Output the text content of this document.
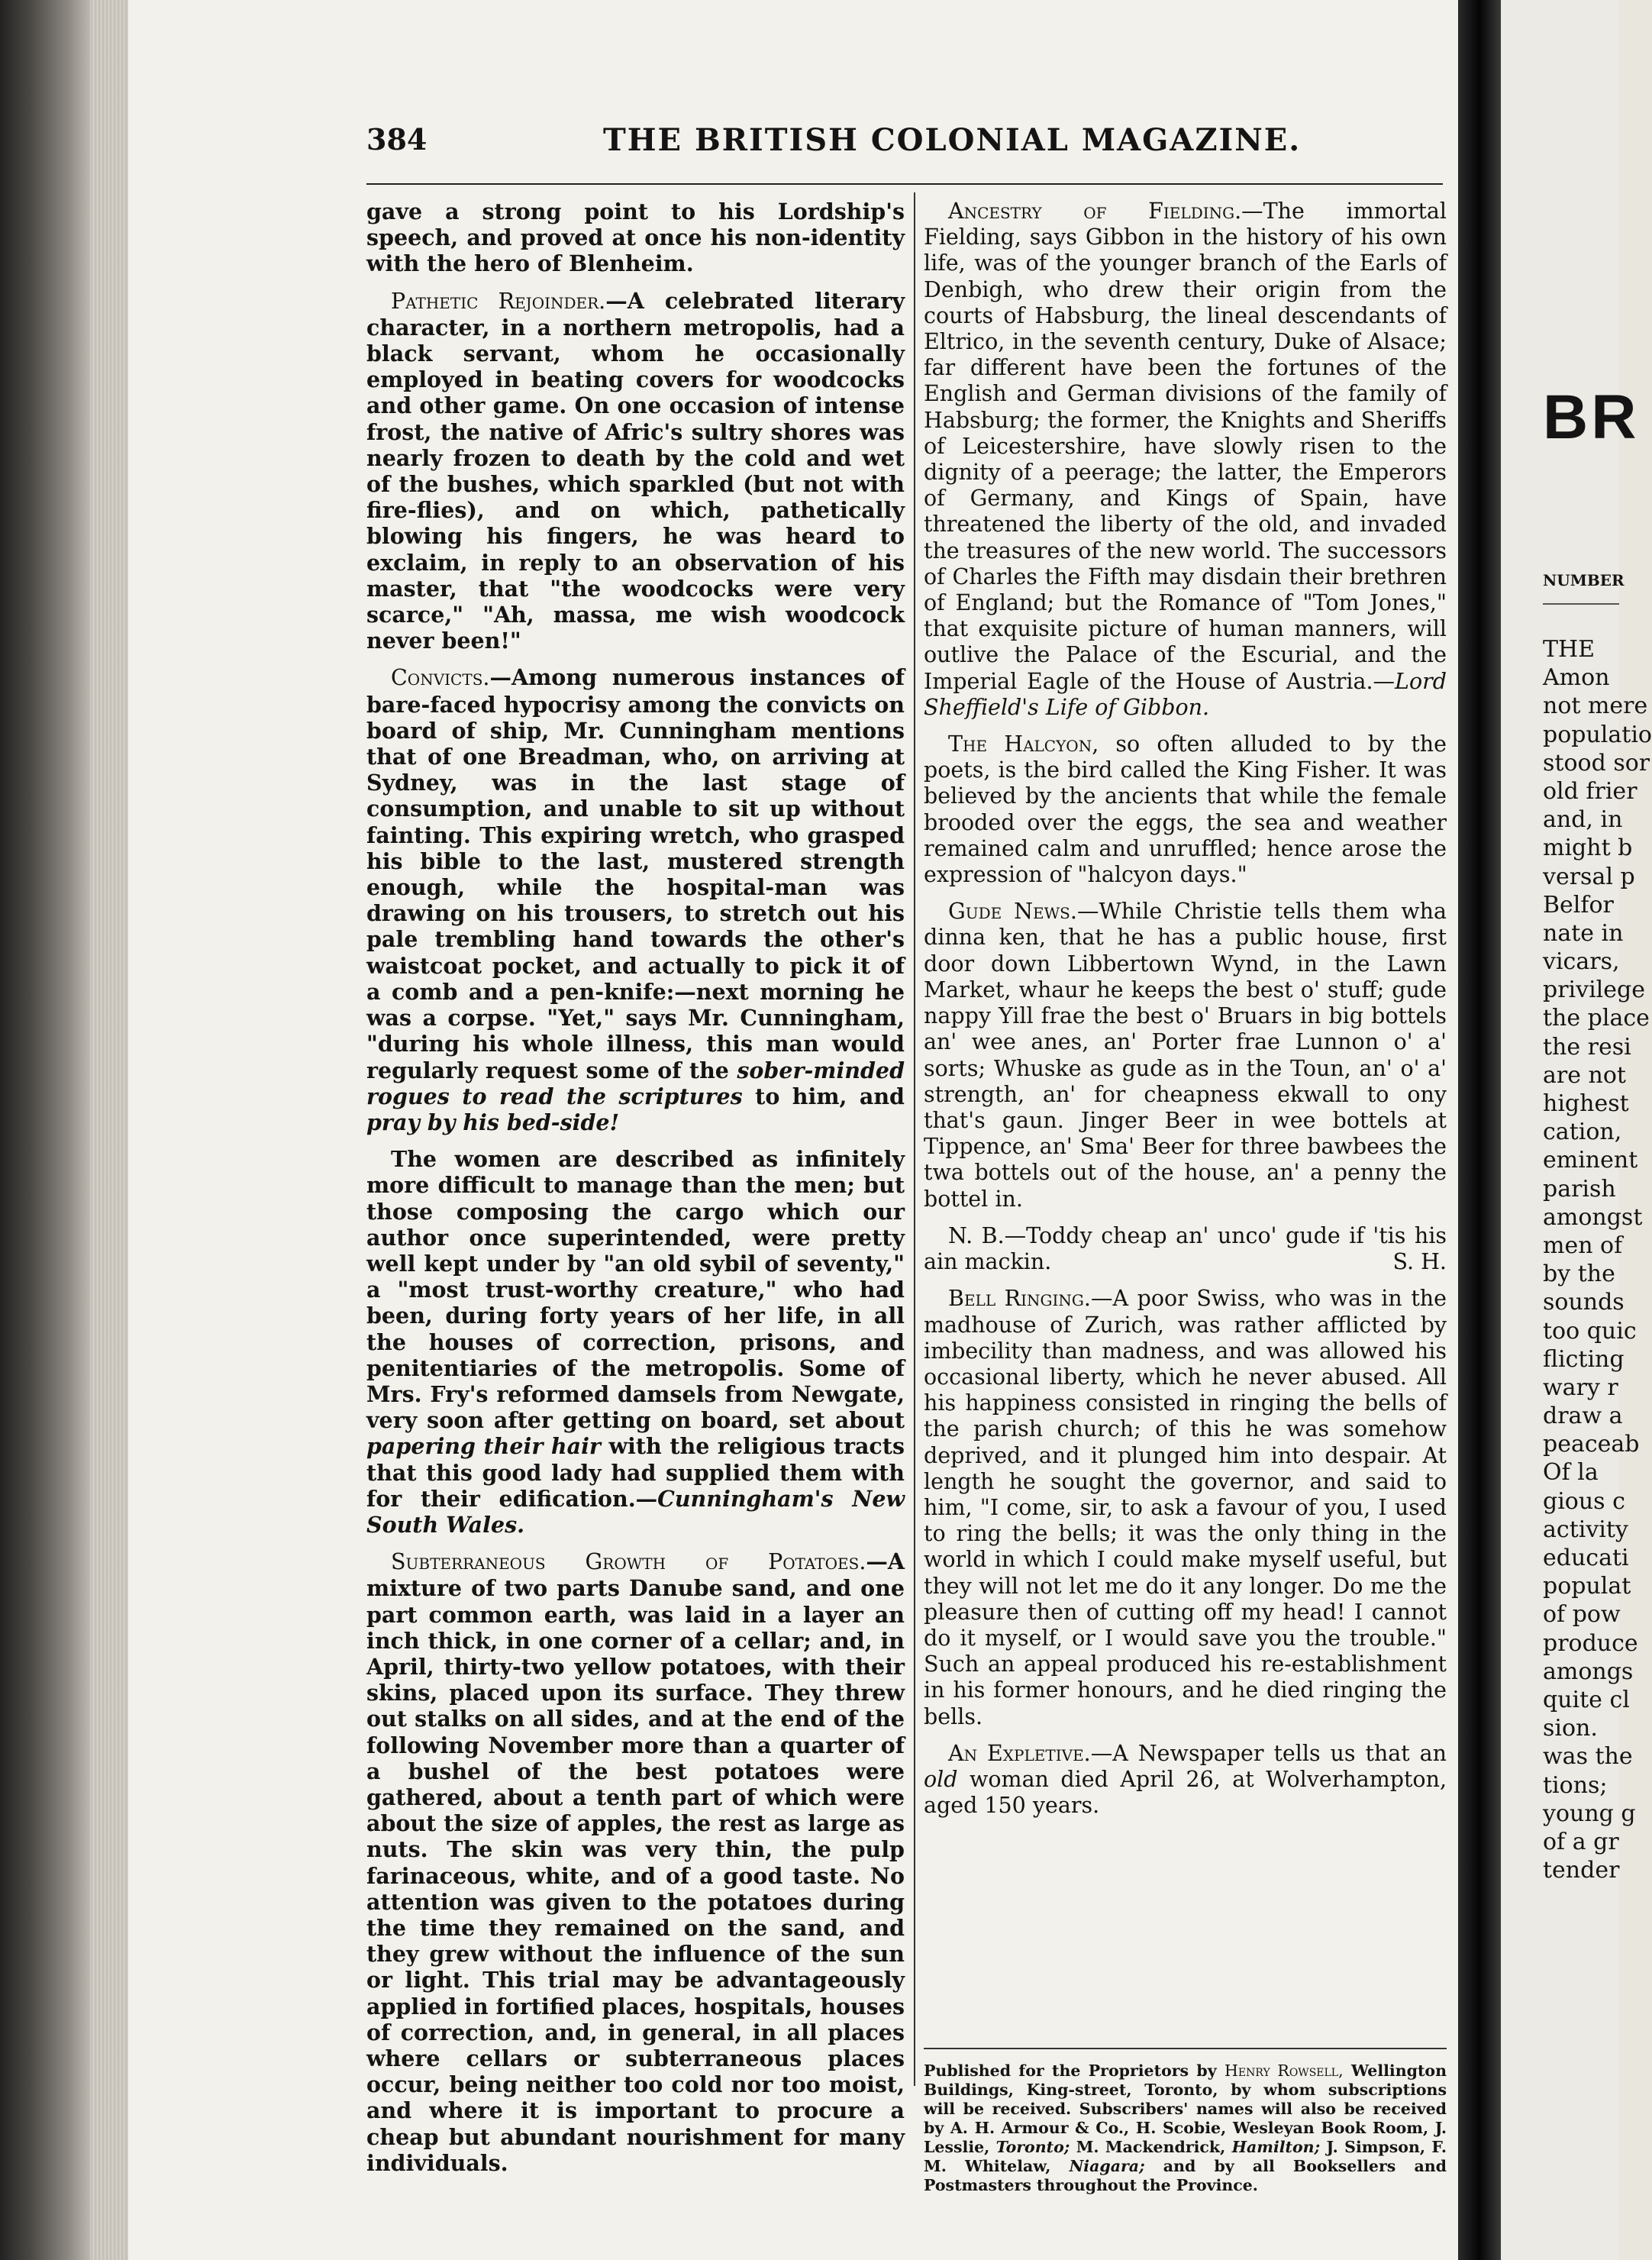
384	THE BRITISH COLONIAL MAGAZINE.

gave a strong point to his Lordship's speech, and proved at once his non-identity with the hero of Blenheim.

Pathetic Rejoinder.—A celebrated literary character, in a northern metropolis, had a black servant, whom he occasionally employed in beating covers for woodcocks and other game. On one occasion of intense frost, the native of Afric's sultry shores was nearly frozen to death by the cold and wet of the bushes, which sparkled (but not with fire-flies), and on which, pathetically blowing his fingers, he was heard to exclaim, in reply to an observation of his master, that "the woodcocks were very scarce," "Ah, massa, me wish woodcock never been!"

Convicts.—Among numerous instances of bare-faced hypocrisy among the convicts on board of ship, Mr. Cunningham mentions that of one Breadman, who, on arriving at Sydney, was in the last stage of consumption, and unable to sit up without fainting. This expiring wretch, who grasped his bible to the last, mustered strength enough, while the hospital-man was drawing on his trousers, to stretch out his pale trembling hand towards the other's waistcoat pocket, and actually to pick it of a comb and a pen-knife:—next morning he was a corpse. "Yet," says Mr. Cunningham, "during his whole illness, this man would regularly request some of the sober-minded rogues to read the scriptures to him, and pray by his bed-side!

The women are described as infinitely more difficult to manage than the men; but those composing the cargo which our author once superintended, were pretty well kept under by "an old sybil of seventy," a "most trust-worthy creature," who had been, during forty years of her life, in all the houses of correction, prisons, and penitentiaries of the metropolis. Some of Mrs. Fry's reformed damsels from Newgate, very soon after getting on board, set about papering their hair with the religious tracts that this good lady had supplied them with for their edification.—Cunningham's New South Wales.

Subterraneous Growth of Potatoes.—A mixture of two parts Danube sand, and one part common earth, was laid in a layer an inch thick, in one corner of a cellar; and, in April, thirty-two yellow potatoes, with their skins, placed upon its surface. They threw out stalks on all sides, and at the end of the following November more than a quarter of a bushel of the best potatoes were gathered, about a tenth part of which were about the size of apples, the rest as large as nuts. The skin was very thin, the pulp farinaceous, white, and of a good taste. No attention was given to the potatoes during the time they remained on the sand, and they grew without the influence of the sun or light. This trial may be advantageously applied in fortified places, hospitals, houses of correction, and, in general, in all places where cellars or subterraneous places occur, being neither too cold nor too moist, and where it is important to procure a cheap but abundant nourishment for many individuals.

Ancestry of Fielding.—The immortal Fielding, says Gibbon in the history of his own life, was of the younger branch of the Earls of Denbigh, who drew their origin from the courts of Habsburg, the lineal descendants of Eltrico, in the seventh century, Duke of Alsace; far different have been the fortunes of the English and German divisions of the family of Habsburg; the former, the Knights and Sheriffs of Leicestershire, have slowly risen to the dignity of a peerage; the latter, the Emperors of Germany, and Kings of Spain, have threatened the liberty of the old, and invaded the treasures of the new world. The successors of Charles the Fifth may disdain their brethren of England; but the Romance of "Tom Jones," that exquisite picture of human manners, will outlive the Palace of the Escurial, and the Imperial Eagle of the House of Austria.—Lord Sheffield's Life of Gibbon.

The Halcyon, so often alluded to by the poets, is the bird called the King Fisher. It was believed by the ancients that while the female brooded over the eggs, the sea and weather remained calm and unruffled; hence arose the expression of "halcyon days."

Gude News.—While Christie tells them wha dinna ken, that he has a public house, first door down Libbertown Wynd, in the Lawn Market, whaur he keeps the best o' stuff; gude nappy Yill frae the best o' Bruars in big bottels an' wee anes, an' Porter frae Lunnon o' a' sorts; Whuske as gude as in the Toun, an' o' a' strength, an' for cheapness ekwall to ony that's gaun. Jinger Beer in wee bottels at Tippence, an' Sma' Beer for three bawbees the twa bottels out of the house, an' a penny the bottel in.

N. B.—Toddy cheap an' unco' gude if 'tis his ain mackin.	S. H.

Bell Ringing.—A poor Swiss, who was in the madhouse of Zurich, was rather afflicted by imbecility than madness, and was allowed his occasional liberty, which he never abused. All his happiness consisted in ringing the bells of the parish church; of this he was somehow deprived, and it plunged him into despair. At length he sought the governor, and said to him, "I come, sir, to ask a favour of you, I used to ring the bells; it was the only thing in the world in which I could make myself useful, but they will not let me do it any longer. Do me the pleasure then of cutting off my head! I cannot do it myself, or I would save you the trouble." Such an appeal produced his re-establishment in his former honours, and he died ringing the bells.

An Expletive.—A Newspaper tells us that an old woman died April 26, at Wolverhampton, aged 150 years.

Published for the Proprietors by Henry Rowsell, Wellington Buildings, King-street, Toronto, by whom subscriptions will be received. Subscribers' names will also be received by A. H. Armour & Co., H. Scobie, Wesleyan Book Room, J. Lesslie, Toronto; M. Mackendrick, Hamilton; J. Simpson, F. M. Whitelaw, Niagara; and by all Booksellers and Postmasters throughout the Province.
BR
NUMBER
THE
Amon
not mere
populatio
stood sor
old frier
and, in
might b
versal p
Belfor
nate in
vicars,
privilege
the place
the resi
are not
highest
cation,
eminent
parish
amongst
men of
by the
sounds
too quic
flicting
wary r
draw a
peaceab
Of la
gious c
activity
educati
populat
of pow
produce
amongs
quite cl
sion.
was the
tions;
young g
of a gr
tender
